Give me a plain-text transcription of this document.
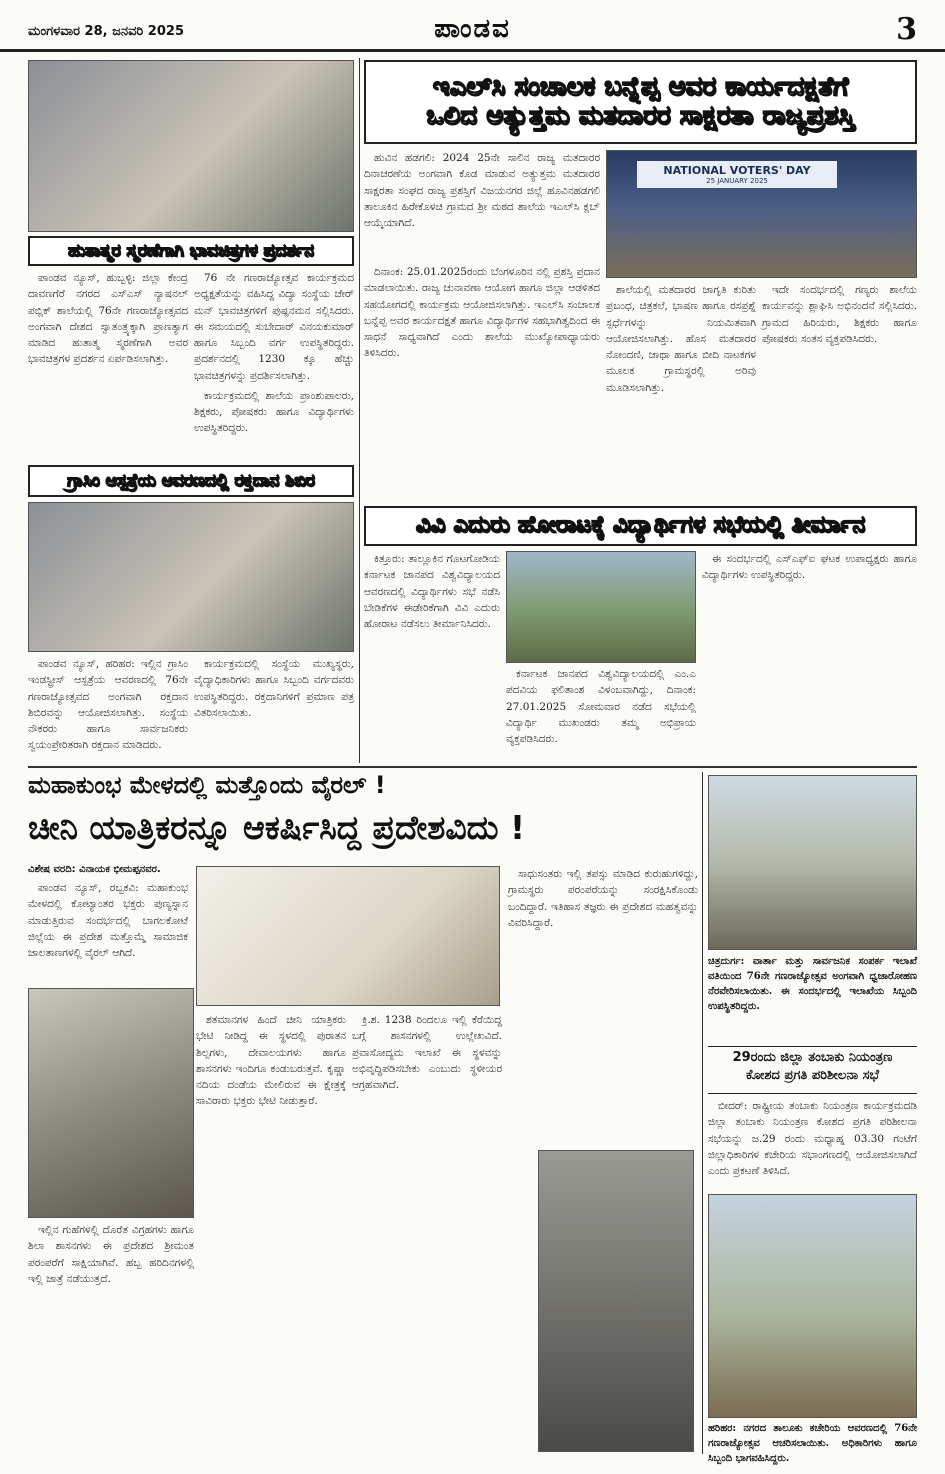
ಮಂಗಳವಾರ 28, ಜನವರಿ 2025	ಪಾಂಡವ	3
ಹುತಾತ್ಮರ ಸ್ಮರಣೆಗಾಗಿ ಭಾವಚಿತ್ರಗಳ ಪ್ರದರ್ಶನ

ಪಾಂಡವ ನ್ಯೂಸ್, ಹುಬ್ಬಳ್ಳಿ: ಜಿಲ್ಲಾ ಕೇಂದ್ರ ದಾವಣಗೆರೆ ನಗರದ ಎಸ್‌ಎಸ್ ನ್ಯಾಷನಲ್ ಪಬ್ಲಿಕ್ ಶಾಲೆಯಲ್ಲಿ 76ನೇ ಗಣರಾಜ್ಯೋತ್ಸವದ ಅಂಗವಾಗಿ ದೇಶದ ಸ್ವಾತಂತ್ರ್ಯಕ್ಕಾಗಿ ಪ್ರಾಣತ್ಯಾಗ ಮಾಡಿದ ಹುತಾತ್ಮ ಸ್ಮರಣೆಗಾಗಿ ಅವರ ಭಾವಚಿತ್ರಗಳ ಪ್ರದರ್ಶನ ಏರ್ಪಡಿಸಲಾಗಿತ್ತು.

76 ನೇ ಗಣರಾಜ್ಯೋತ್ಸವ ಕಾರ್ಯಕ್ರಮದ ಅಧ್ಯಕ್ಷತೆಯನ್ನು ವಹಿಸಿದ್ದ ವಿದ್ಯಾ ಸಂಸ್ಥೆಯ ಚೇರ್ ಮನ್ ಭಾವಚಿತ್ರಗಳಿಗೆ ಪುಷ್ಪನಮನ ಸಲ್ಲಿಸಿದರು. ಈ ಸಮಯದಲ್ಲಿ ಸುಬೇದಾರ್ ವಿನಯಕುಮಾರ್ ಹಾಗೂ ಸಿಬ್ಬಂದಿ ವರ್ಗ ಉಪಸ್ಥಿತರಿದ್ದರು. ಪ್ರದರ್ಶನದಲ್ಲಿ 1230 ಕ್ಕೂ ಹೆಚ್ಚು ಭಾವಚಿತ್ರಗಳನ್ನು ಪ್ರದರ್ಶಿಸಲಾಗಿತ್ತು.

ಕಾರ್ಯಕ್ರಮದಲ್ಲಿ ಶಾಲೆಯ ಪ್ರಾಂಶುಪಾಲರು, ಶಿಕ್ಷಕರು, ಪೋಷಕರು ಹಾಗೂ ವಿದ್ಯಾರ್ಥಿಗಳು ಉಪಸ್ಥಿತರಿದ್ದರು.

ಗ್ರಾಸಿಂ ಆಸ್ಪತ್ರೆಯ ಆವರಣದಲ್ಲಿ ರಕ್ತದಾನ ಶಿಬಿರ

ಪಾಂಡವ ನ್ಯೂಸ್, ಹರಿಹರ: ಇಲ್ಲಿನ ಗ್ರಾಸಿಂ ಇಂಡಸ್ಟ್ರೀಸ್ ಆಸ್ಪತ್ರೆಯ ಆವರಣದಲ್ಲಿ 76ನೇ ಗಣರಾಜ್ಯೋತ್ಸವದ ಅಂಗವಾಗಿ ರಕ್ತದಾನ ಶಿಬಿರವನ್ನು ಆಯೋಜಿಸಲಾಗಿತ್ತು. ಸಂಸ್ಥೆಯ ನೌಕರರು ಹಾಗೂ ಸಾರ್ವಜನಿಕರು ಸ್ವಯಂಪ್ರೇರಿತರಾಗಿ ರಕ್ತದಾನ ಮಾಡಿದರು.

ಕಾರ್ಯಕ್ರಮದಲ್ಲಿ ಸಂಸ್ಥೆಯ ಮುಖ್ಯಸ್ಥರು, ವೈದ್ಯಾಧಿಕಾರಿಗಳು ಹಾಗೂ ಸಿಬ್ಬಂದಿ ವರ್ಗದವರು ಉಪಸ್ಥಿತರಿದ್ದರು. ರಕ್ತದಾನಿಗಳಿಗೆ ಪ್ರಮಾಣ ಪತ್ರ ವಿತರಿಸಲಾಯಿತು.

ಇಎಲ್‌ಸಿ ಸಂಚಾಲಕ ಬನ್ನೆಪ್ಪ ಅವರ ಕಾರ್ಯದಕ್ಷತೆಗೆ
ಒಲಿದ ಅತ್ಯುತ್ತಮ ಮತದಾರರ ಸಾಕ್ಷರತಾ ರಾಜ್ಯಪ್ರಶಸ್ತಿ

ಹುವಿನ ಹಡಗಲಿ: 2024 25ನೇ ಸಾಲಿನ ರಾಜ್ಯ ಮತದಾರರ ದಿನಾಚರಣೆಯ ಅಂಗವಾಗಿ ಕೊಡ ಮಾಡುವ ಅತ್ಯುತ್ತಮ ಮತದಾರರ ಸಾಕ್ಷರತಾ ಸಂಘದ ರಾಜ್ಯ ಪ್ರಶಸ್ತಿಗೆ ವಿಜಯನಗರ ಜಿಲ್ಲೆ ಹೂವಿನಹಡಗಲಿ ತಾಲೂಕಿನ ಹಿರೇಕೊಳಚಿ ಗ್ರಾಮದ ಶ್ರೀ ಮಠದ ಶಾಲೆಯ ಇಎಲ್‌ಸಿ ಕ್ಲಬ್ ಆಯ್ಕೆಯಾಗಿದೆ.

NATIONAL VOTERS' DAY
25 JANUARY 2025

ದಿನಾಂಕ: 25.01.2025ರಂದು ಬೆಂಗಳೂರಿನ ನಲ್ಲಿ ಪ್ರಶಸ್ತಿ ಪ್ರದಾನ ಮಾಡಲಾಯಿತು. ರಾಜ್ಯ ಚುನಾವಣಾ ಆಯೋಗ ಹಾಗೂ ಜಿಲ್ಲಾ ಆಡಳಿತದ ಸಹಯೋಗದಲ್ಲಿ ಕಾರ್ಯಕ್ರಮ ಆಯೋಜಿಸಲಾಗಿತ್ತು. ಇಎಲ್‌ಸಿ ಸಂಚಾಲಕ ಬನ್ನೆಪ್ಪ ಅವರ ಕಾರ್ಯದಕ್ಷತೆ ಹಾಗೂ ವಿದ್ಯಾರ್ಥಿಗಳ ಸಹಭಾಗಿತ್ವದಿಂದ ಈ ಸಾಧನೆ ಸಾಧ್ಯವಾಗಿದೆ ಎಂದು ಶಾಲೆಯ ಮುಖ್ಯೋಪಾಧ್ಯಾಯರು ತಿಳಿಸಿದರು.

ಶಾಲೆಯಲ್ಲಿ ಮತದಾರರ ಜಾಗೃತಿ ಕುರಿತು ಪ್ರಬಂಧ, ಚಿತ್ರಕಲೆ, ಭಾಷಣ ಹಾಗೂ ರಸಪ್ರಶ್ನೆ ಸ್ಪರ್ಧೆಗಳನ್ನು ನಿಯಮಿತವಾಗಿ ಆಯೋಜಿಸಲಾಗಿತ್ತು. ಹೊಸ ಮತದಾರರ ನೋಂದಣಿ, ಜಾಥಾ ಹಾಗೂ ಬೀದಿ ನಾಟಕಗಳ ಮೂಲಕ ಗ್ರಾಮಸ್ಥರಲ್ಲಿ ಅರಿವು ಮೂಡಿಸಲಾಗಿತ್ತು.

ಇದೇ ಸಂದರ್ಭದಲ್ಲಿ ಗಣ್ಯರು ಶಾಲೆಯ ಕಾರ್ಯವನ್ನು ಶ್ಲಾಘಿಸಿ ಅಭಿನಂದನೆ ಸಲ್ಲಿಸಿದರು. ಗ್ರಾಮದ ಹಿರಿಯರು, ಶಿಕ್ಷಕರು ಹಾಗೂ ಪೋಷಕರು ಸಂತಸ ವ್ಯಕ್ತಪಡಿಸಿದರು.

ವಿವಿ ಎದುರು ಹೋರಾಟಕ್ಕೆ ವಿದ್ಯಾರ್ಥಿಗಳ ಸಭೆಯಲ್ಲಿ ತೀರ್ಮಾನ

ಕಿತ್ತೂರು: ತಾಲ್ಲೂಕಿನ ಗೊಟಗೋಡಿಯ ಕರ್ನಾಟಕ ಜಾನಪದ ವಿಶ್ವವಿದ್ಯಾಲಯದ ಆವರಣದಲ್ಲಿ ವಿದ್ಯಾರ್ಥಿಗಳು ಸಭೆ ನಡೆಸಿ ಬೇಡಿಕೆಗಳ ಈಡೇರಿಕೆಗಾಗಿ ವಿವಿ ಎದುರು ಹೋರಾಟ ನಡೆಸಲು ತೀರ್ಮಾನಿಸಿದರು.

ಕರ್ನಾಟಕ ಜಾನಪದ ವಿಶ್ವವಿದ್ಯಾಲಯದಲ್ಲಿ ಎಂ.ಎ ಪದವಿಯ ಫಲಿತಾಂಶ ವಿಳಂಬವಾಗಿದ್ದು, ದಿನಾಂಕ: 27.01.2025 ಸೋಮವಾರ ನಡೆದ ಸಭೆಯಲ್ಲಿ ವಿದ್ಯಾರ್ಥಿ ಮುಖಂಡರು ತಮ್ಮ ಅಭಿಪ್ರಾಯ ವ್ಯಕ್ತಪಡಿಸಿದರು.

ಈ ಸಂದರ್ಭದಲ್ಲಿ ಎಸ್‌ಎಫ್‌ಐ ಘಟಕ ಉಪಾಧ್ಯಕ್ಷರು ಹಾಗೂ ವಿದ್ಯಾರ್ಥಿಗಳು ಉಪಸ್ಥಿತರಿದ್ದರು.

ಮಹಾಕುಂಭ ಮೇಳದಲ್ಲಿ ಮತ್ತೊಂದು ವೈರಲ್ !
ಚೀನಿ ಯಾತ್ರಿಕರನ್ನೂ ಆಕರ್ಷಿಸಿದ್ದ ಪ್ರದೇಶವಿದು !
ವಿಶೇಷ ವರದಿ: ವಿನಾಯಕ ಭೀಮಪ್ಪನವರ.

ಪಾಂಡವ ನ್ಯೂಸ್, ರಬ್ಬಕವಿ: ಮಹಾಕುಂಭ ಮೇಳದಲ್ಲಿ ಕೋಟ್ಯಾಂತರ ಭಕ್ತರು ಪುಣ್ಯಸ್ನಾನ ಮಾಡುತ್ತಿರುವ ಸಂದರ್ಭದಲ್ಲಿ ಬಾಗಲಕೋಟೆ ಜಿಲ್ಲೆಯ ಈ ಪ್ರದೇಶ ಮತ್ತೊಮ್ಮೆ ಸಾಮಾಜಿಕ ಜಾಲತಾಣಗಳಲ್ಲಿ ವೈರಲ್ ಆಗಿದೆ.

ಸಾಧುಸಂತರು ಇಲ್ಲಿ ತಪಸ್ಸು ಮಾಡಿದ ಕುರುಹುಗಳಿದ್ದು, ಗ್ರಾಮಸ್ಥರು ಪರಂಪರೆಯನ್ನು ಸಂರಕ್ಷಿಸಿಕೊಂಡು ಬಂದಿದ್ದಾರೆ. ಇತಿಹಾಸ ತಜ್ಞರು ಈ ಪ್ರದೇಶದ ಮಹತ್ವವನ್ನು ವಿವರಿಸಿದ್ದಾರೆ.

ಶತಮಾನಗಳ ಹಿಂದೆ ಚೀನಿ ಯಾತ್ರಿಕರು ಭೇಟಿ ನೀಡಿದ್ದ ಈ ಸ್ಥಳದಲ್ಲಿ ಪುರಾತನ ಶಿಲ್ಪಗಳು, ದೇವಾಲಯಗಳು ಹಾಗೂ ಶಾಸನಗಳು ಇಂದಿಗೂ ಕಂಡುಬರುತ್ತವೆ. ಕೃಷ್ಣಾ ನದಿಯ ದಂಡೆಯ ಮೇಲಿರುವ ಈ ಕ್ಷೇತ್ರಕ್ಕೆ ಸಾವಿರಾರು ಭಕ್ತರು ಭೇಟಿ ನೀಡುತ್ತಾರೆ.

ಕ್ರಿ.ಶ. 1238 ರಿಂದಲೂ ಇಲ್ಲಿ ಕೆರೆಯಿದ್ದ ಬಗ್ಗೆ ಶಾಸನಗಳಲ್ಲಿ ಉಲ್ಲೇಖವಿದೆ. ಪ್ರವಾಸೋದ್ಯಮ ಇಲಾಖೆ ಈ ಸ್ಥಳವನ್ನು ಅಭಿವೃದ್ಧಿಪಡಿಸಬೇಕು ಎಂಬುದು ಸ್ಥಳೀಯರ ಆಗ್ರಹವಾಗಿದೆ.

ಇಲ್ಲಿನ ಗುಹೆಗಳಲ್ಲಿ ದೊರೆತ ವಿಗ್ರಹಗಳು ಹಾಗೂ ಶಿಲಾ ಶಾಸನಗಳು ಈ ಪ್ರದೇಶದ ಶ್ರೀಮಂತ ಪರಂಪರೆಗೆ ಸಾಕ್ಷಿಯಾಗಿವೆ. ಹಬ್ಬ ಹರಿದಿನಗಳಲ್ಲಿ ಇಲ್ಲಿ ಜಾತ್ರೆ ನಡೆಯುತ್ತದೆ.

ಚಿತ್ರದುರ್ಗ: ವಾರ್ತಾ ಮತ್ತು ಸಾರ್ವಜನಿಕ ಸಂಪರ್ಕ ಇಲಾಖೆ ವತಿಯಿಂದ 76ನೇ ಗಣರಾಜ್ಯೋತ್ಸವ ಅಂಗವಾಗಿ ಧ್ವಜಾರೋಹಣ ನೆರವೇರಿಸಲಾಯಿತು. ಈ ಸಂದರ್ಭದಲ್ಲಿ ಇಲಾಖೆಯ ಸಿಬ್ಬಂದಿ ಉಪಸ್ಥಿತರಿದ್ದರು.
29ರಂದು ಜಿಲ್ಲಾ ತಂಬಾಕು ನಿಯಂತ್ರಣ
ಕೋಶದ ಪ್ರಗತಿ ಪರಿಶೀಲನಾ ಸಭೆ

ಬೀದರ್: ರಾಷ್ಟ್ರೀಯ ತಂಬಾಕು ನಿಯಂತ್ರಣ ಕಾರ್ಯಕ್ರಮದಡಿ ಜಿಲ್ಲಾ ತಂಬಾಕು ನಿಯಂತ್ರಣ ಕೋಶದ ಪ್ರಗತಿ ಪರಿಶೀಲನಾ ಸಭೆಯನ್ನು ಜ.29 ರಂದು ಮಧ್ಯಾಹ್ನ 03.30 ಗಂಟೆಗೆ ಜಿಲ್ಲಾಧಿಕಾರಿಗಳ ಕಚೇರಿಯ ಸಭಾಂಗಣದಲ್ಲಿ ಆಯೋಜಿಸಲಾಗಿದೆ ಎಂದು ಪ್ರಕಟಣೆ ತಿಳಿಸಿದೆ.

ಹರಿಹರ: ನಗರದ ತಾಲೂಕು ಕಚೇರಿಯ ಆವರಣದಲ್ಲಿ 76ನೇ ಗಣರಾಜ್ಯೋತ್ಸವ ಆಚರಿಸಲಾಯಿತು. ಅಧಿಕಾರಿಗಳು ಹಾಗೂ ಸಿಬ್ಬಂದಿ ಭಾಗವಹಿಸಿದ್ದರು.
